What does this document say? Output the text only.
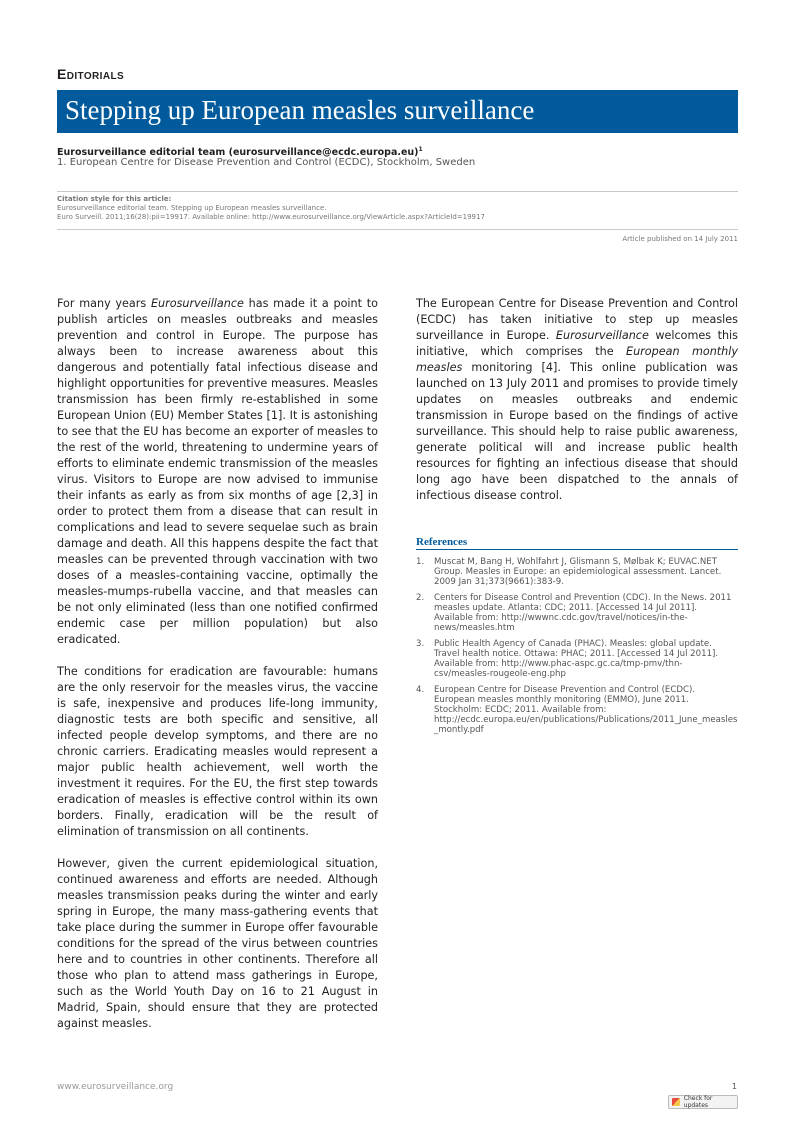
Editorials
Stepping up European measles surveillance
Eurosurveillance editorial team (eurosurveillance@ecdc.europa.eu)$^1$
1. European Centre for Disease Prevention and Control (ECDC), Stockholm, Sweden
Citation style for this article:
Eurosurveillance editorial team. Stepping up European measles surveillance.
Euro Surveill. 2011;16(28):pii=19917. Available online: http://www.eurosurveillance.org/ViewArticle.aspx?ArticleId=19917
Article published on 14 July 2011

For many years Eurosurveillance has made it a point to publish articles on measles outbreaks and measles prevention and control in Europe. The purpose has always been to increase awareness about this dangerous and potentially fatal infectious disease and highlight opportunities for preventive measures. Measles transmission has been firmly re-established in some European Union (EU) Member States [1]. It is astonishing to see that the EU has become an exporter of measles to the rest of the world, threatening to undermine years of efforts to eliminate endemic transmission of the measles virus. Visitors to Europe are now advised to immunise their infants as early as from six months of age [2,3] in order to protect them from a disease that can result in complications and lead to severe sequelae such as brain damage and death. All this happens despite the fact that measles can be prevented through vaccination with two doses of a measles-containing vaccine, optimally the measles-mumps-rubella vaccine, and that measles can be not only eliminated (less than one notified confirmed endemic case per million population) but also eradicated.

The conditions for eradication are favourable: humans are the only reservoir for the measles virus, the vaccine is safe, inexpensive and produces life-long immunity, diagnostic tests are both specific and sensitive, all infected people develop symptoms, and there are no chronic carriers. Eradicating measles would represent a major public health achievement, well worth the investment it requires. For the EU, the first step towards eradication of measles is effective control within its own borders. Finally, eradication will be the result of elimination of transmission on all continents.

However, given the current epidemiological situation, continued awareness and efforts are needed. Although measles transmission peaks during the winter and early spring in Europe, the many mass-gathering events that take place during the summer in Europe offer favourable conditions for the spread of the virus between countries here and to countries in other continents. Therefore all those who plan to attend mass gatherings in Europe, such as the World Youth Day on 16 to 21 August in Madrid, Spain, should ensure that they are protected against measles.

The European Centre for Disease Prevention and Control (ECDC) has taken initiative to step up measles surveillance in Europe. Eurosurveillance welcomes this initiative, which comprises the European monthly measles monitoring [4]. This online publication was launched on 13 July 2011 and promises to provide timely updates on measles outbreaks and endemic transmission in Europe based on the findings of active surveillance. This should help to raise public awareness, generate political will and increase public health resources for fighting an infectious disease that should long ago have been dispatched to the annals of infectious disease control.

References
1.	Muscat M, Bang H, Wohlfahrt J, Glismann S, Mølbak K; EUVAC.NET Group. Measles in Europe: an epidemiological assessment. Lancet. 2009 Jan 31;373(9661):383-9.
2.	Centers for Disease Control and Prevention (CDC). In the News. 2011 measles update. Atlanta: CDC; 2011. [Accessed 14 Jul 2011]. Available from: http://wwwnc.cdc.gov/travel/notices/in-the-news/measles.htm
3.	Public Health Agency of Canada (PHAC). Measles: global update. Travel health notice. Ottawa: PHAC; 2011. [Accessed 14 Jul 2011]. Available from: http://www.phac-aspc.gc.ca/tmp-pmv/thn-csv/measles-rougeole-eng.php
4.	European Centre for Disease Prevention and Control (ECDC). European measles monthly monitoring (EMMO), June 2011. Stockholm: ECDC; 2011. Available from: http://ecdc.europa.eu/en/publications/Publications/2011_June_measles_montly.pdf
www.eurosurveillance.org	1
Check for updates
